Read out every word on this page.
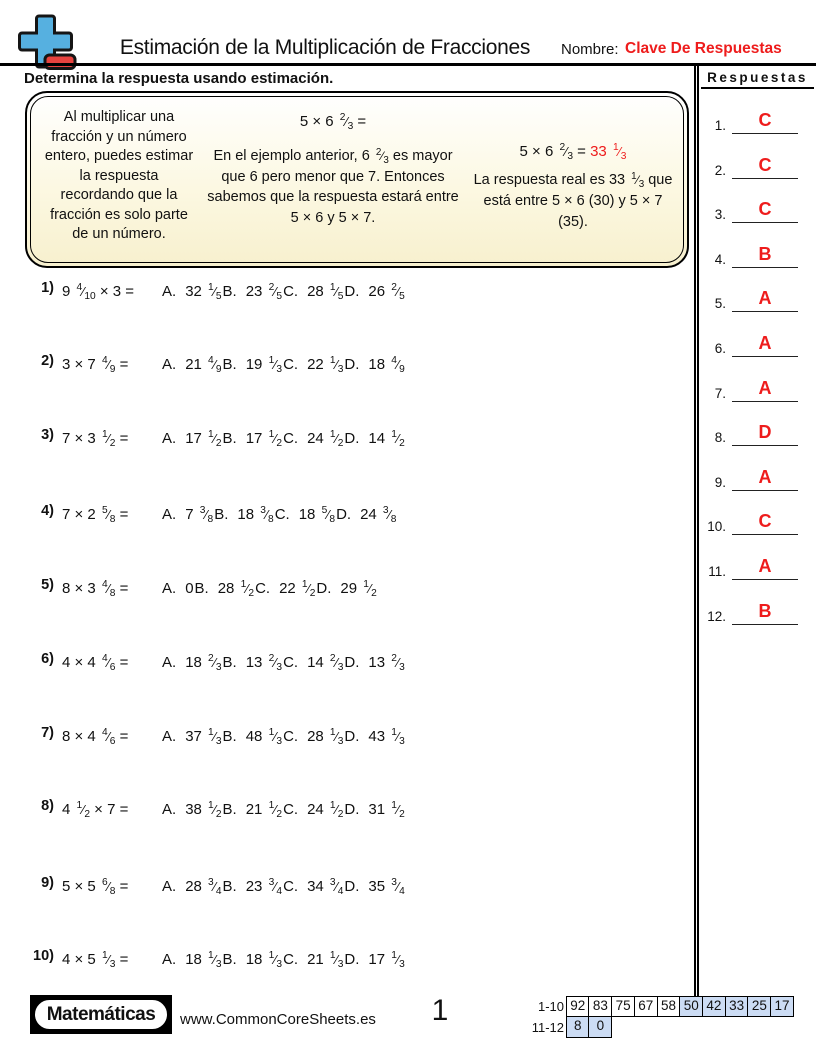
Estimación de la Multiplicación de Fracciones	Nombre: Clave De Respuestas
Determina la respuesta usando estimación.
Al multiplicar una fracción y un número entero, puedes estimar la respuesta recordando que la fracción es solo parte de un número.
5 × 6 $^2⁄_3$ =
En el ejemplo anterior, 6 $^2⁄_3$ es mayor que 6 pero menor que 7. Entonces sabemos que la respuesta estará entre 5 × 6 y 5 × 7.
5 × 6 $^2⁄_3 = 33$ $^1⁄_3$
La respuesta real es 33 $^1⁄_3$ que está entre 5 × 6 (30) y 5 × 7 (35).
1) 9 $^4⁄_{10} \times 3 = A$. 32 $^1⁄_5B$. 23 $^2⁄_5C$. 28 $^1⁄_5D$. 26 $^2⁄_5$
2) 3 × 7 $^4⁄_9 = A$. 21 $^4⁄_9B$. 19 $^1⁄_3C$. 22 $^1⁄_3D$. 18 $^4⁄_9$
3) 7 × 3 $^1⁄_2 = A$. 17 $^1⁄_2B$. 17 $^1⁄_2C$. 24 $^1⁄_2D$. 14 $^1⁄_2$
4) 7 × 2 $^5⁄_8 = A$. 7 $^3⁄_8B$. 18 $^3⁄_8C$. 18 $^5⁄_8D$. 24 $^3⁄_8$
5) 8 × 3 $^4⁄_8 = A$. 0B. 28 $^1⁄_2C$. 22 $^1⁄_2D$. 29 $^1⁄_2$
6) 4 × 4 $^4⁄_6 = A$. 18 $^2⁄_3B$. 13 $^2⁄_3C$. 14 $^2⁄_3D$. 13 $^2⁄_3$
7) 8 × 4 $^4⁄_6 = A$. 37 $^1⁄_3B$. 48 $^1⁄_3C$. 28 $^1⁄_3D$. 43 $^1⁄_3$
8) 4 $^1⁄_2 \times 7 = A$. 38 $^1⁄_2B$. 21 $^1⁄_2C$. 24 $^1⁄_2D$. 31 $^1⁄_2$
9) 5 × 5 $^6⁄_8 = A$. 28 $^3⁄_4B$. 23 $^3⁄_4C$. 34 $^3⁄_4D$. 35 $^3⁄_4$
10) 4 × 5 $^1⁄_3 = A$. 18 $^1⁄_3B$. 18 $^1⁄_3C$. 21 $^1⁄_3D$. 17 $^1⁄_3$
Respuestas
1.	C
2.	C
3.	C
4.	B
5.	A
6.	A
7.	A
8.	D
9.	A
10.	C
11.	A
12.	B
Matemáticas	www.CommonCoreSheets.es	1	1-10 92 83 75 67 58 50 42 33 25 17
11-12 8	0
